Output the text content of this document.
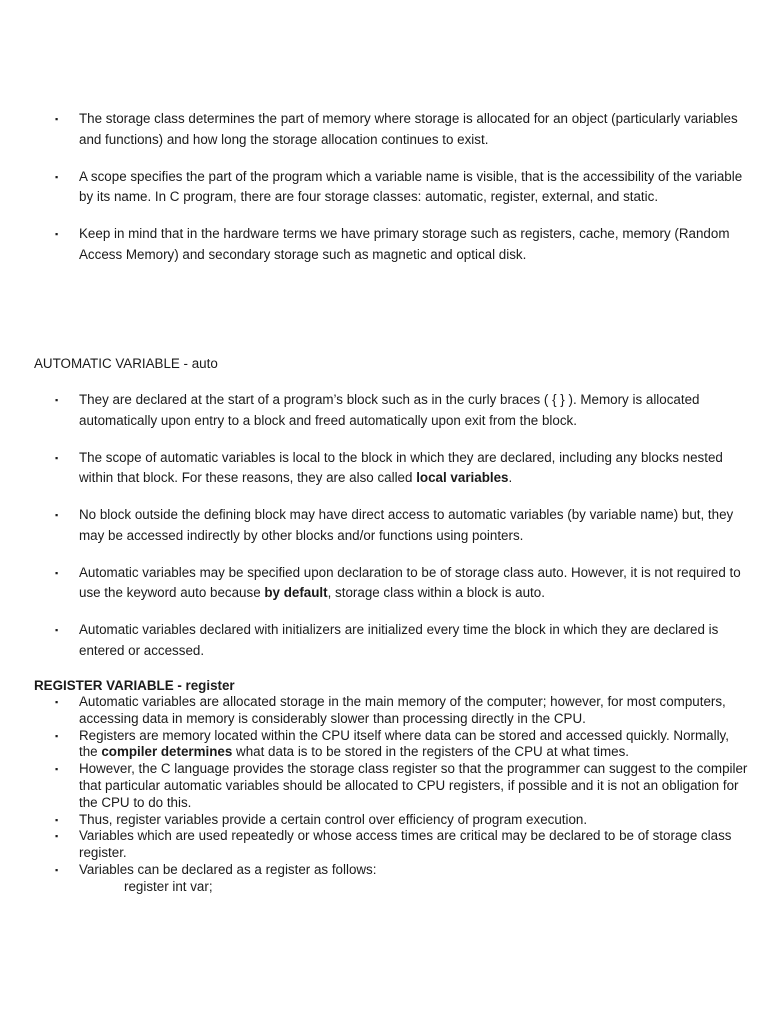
▪ The storage class determines the part of memory where storage is allocated for an object (particularly variables and functions) and how long the storage allocation continues to exist.
▪ A scope specifies the part of the program which a variable name is visible, that is the accessibility of the variable by its name. In C program, there are four storage classes: automatic, register, external, and static.
▪ Keep in mind that in the hardware terms we have primary storage such as registers, cache, memory (Random Access Memory) and secondary storage such as magnetic and optical disk.
AUTOMATIC VARIABLE - auto
▪ They are declared at the start of a program’s block such as in the curly braces ( { } ). Memory is allocated automatically upon entry to a block and freed automatically upon exit from the block.
▪ The scope of automatic variables is local to the block in which they are declared, including any blocks nested within that block. For these reasons, they are also called local variables.
▪ No block outside the defining block may have direct access to automatic variables (by variable name) but, they may be accessed indirectly by other blocks and/or functions using pointers.
▪ Automatic variables may be specified upon declaration to be of storage class auto. However, it is not required to use the keyword auto because by default, storage class within a block is auto.
▪ Automatic variables declared with initializers are initialized every time the block in which they are declared is entered or accessed.
REGISTER VARIABLE - register
▪ Automatic variables are allocated storage in the main memory of the computer; however, for most computers, accessing data in memory is considerably slower than processing directly in the CPU.
▪ Registers are memory located within the CPU itself where data can be stored and accessed quickly. Normally, the compiler determines what data is to be stored in the registers of the CPU at what times.
▪ However, the C language provides the storage class register so that the programmer can suggest to the compiler that particular automatic variables should be allocated to CPU registers, if possible and it is not an obligation for the CPU to do this.
▪ Thus, register variables provide a certain control over efficiency of program execution.
▪ Variables which are used repeatedly or whose access times are critical may be declared to be of storage class register.
▪ Variables can be declared as a register as follows:
register int var;
